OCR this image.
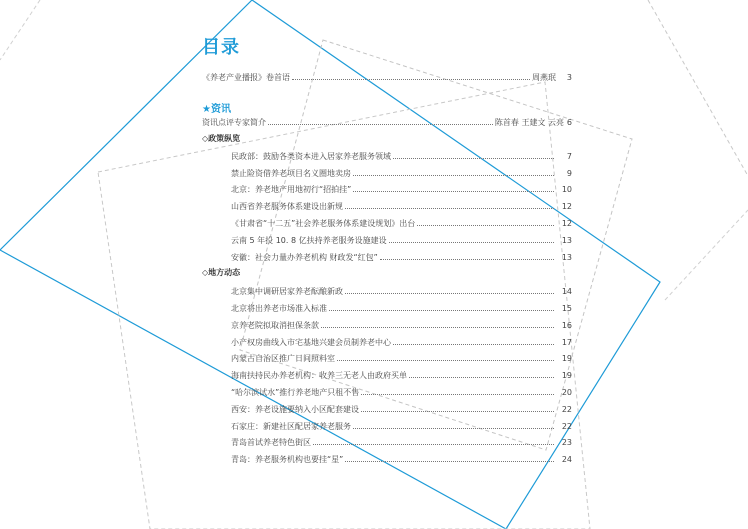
目录
《养老产业播报》卷首语	周燕珉	3
★资讯
资讯点评专家简介	陈首春 王建文 云亮 6
◇政策纵览
民政部：鼓励各类资本进入居家养老服务领域	7
禁止险资借养老项目名义圈地卖房	9
北京：养老地产用地初行“招拍挂”	10
山西省养老服务体系建设出新规	12
《甘肃省“十二五”社会养老服务体系建设规划》出台	12
云南 5 年投 10. 8 亿扶持养老服务设施建设	13
安徽：社会力量办养老机构 财政发“红包”	13
◇地方动态
北京集中调研居家养老酝酿新政	14
北京将出养老市场准入标准	15
京养老院拟取消担保条款	16
小产权房曲线入市宅基地兴建会员制养老中心	17
内蒙古自治区推广日间照料室	19
海南扶持民办养老机构：收养三无老人由政府买单	19
“哈尔滨试水”推行养老地产只租不售	20
西安：养老设施要纳入小区配套建设	22
石家庄：新建社区配居家养老服务	22
青岛首试养老特色街区	23
青岛：养老服务机构也要挂“星”	24
